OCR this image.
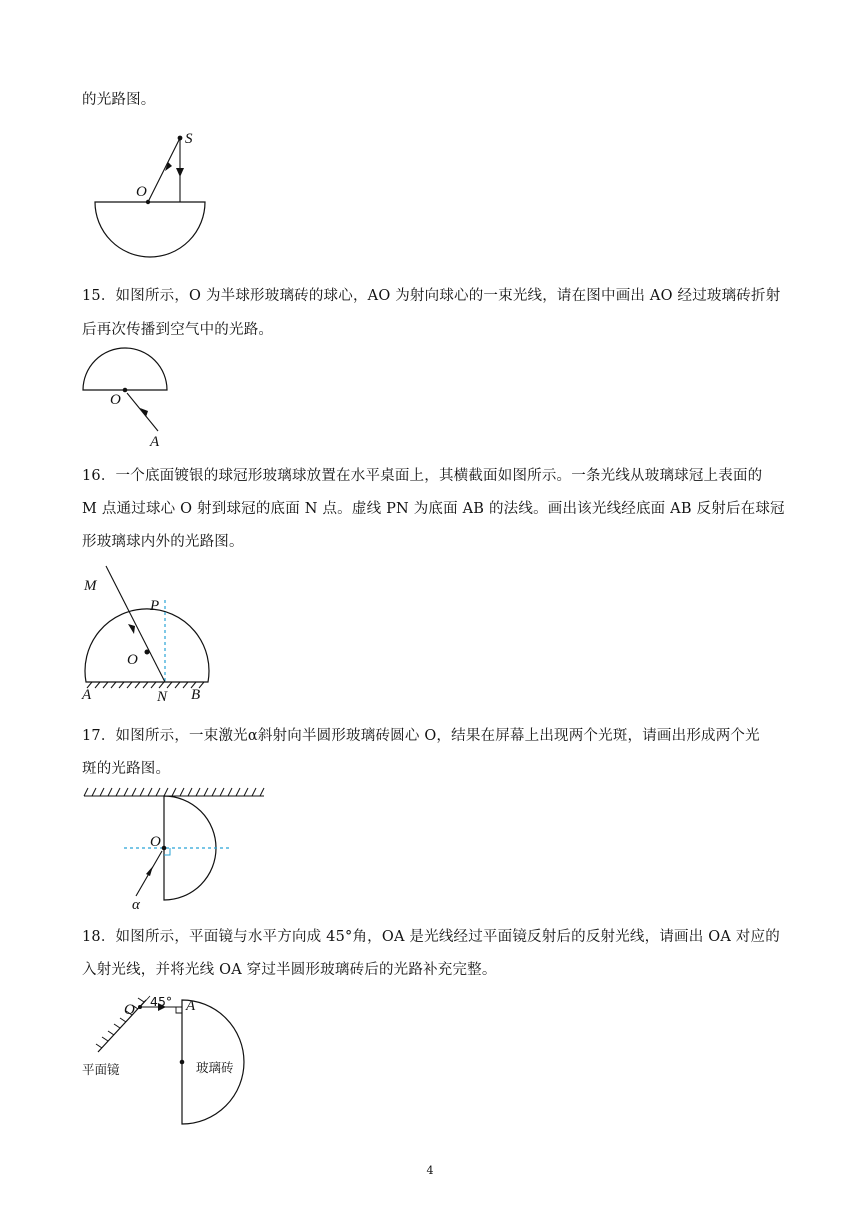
的光路图。
S
O
15．如图所示，O 为半球形玻璃砖的球心，AO 为射向球心的一束光线，请在图中画出 AO 经过玻璃砖折射
后再次传播到空气中的光路。
O
A
16．一个底面镀银的球冠形玻璃球放置在水平桌面上，其横截面如图所示。一条光线从玻璃球冠上表面的
M 点通过球心 O 射到球冠的底面 N 点。虚线 PN 为底面 AB 的法线。画出该光线经底面 AB 反射后在球冠
形玻璃球内外的光路图。
M
P
O
A	N B
17．如图所示，一束激光α斜射向半圆形玻璃砖圆心 O，结果在屏幕上出现两个光斑，请画出形成两个光
斑的光路图。
O
α
18．如图所示，平面镜与水平方向成 45°角，OA 是光线经过平面镜反射后的反射光线，请画出 OA 对应的
入射光线，并将光线 OA 穿过半圆形玻璃砖后的光路补充完整。
O
45° A
平面镜	玻璃砖
4
